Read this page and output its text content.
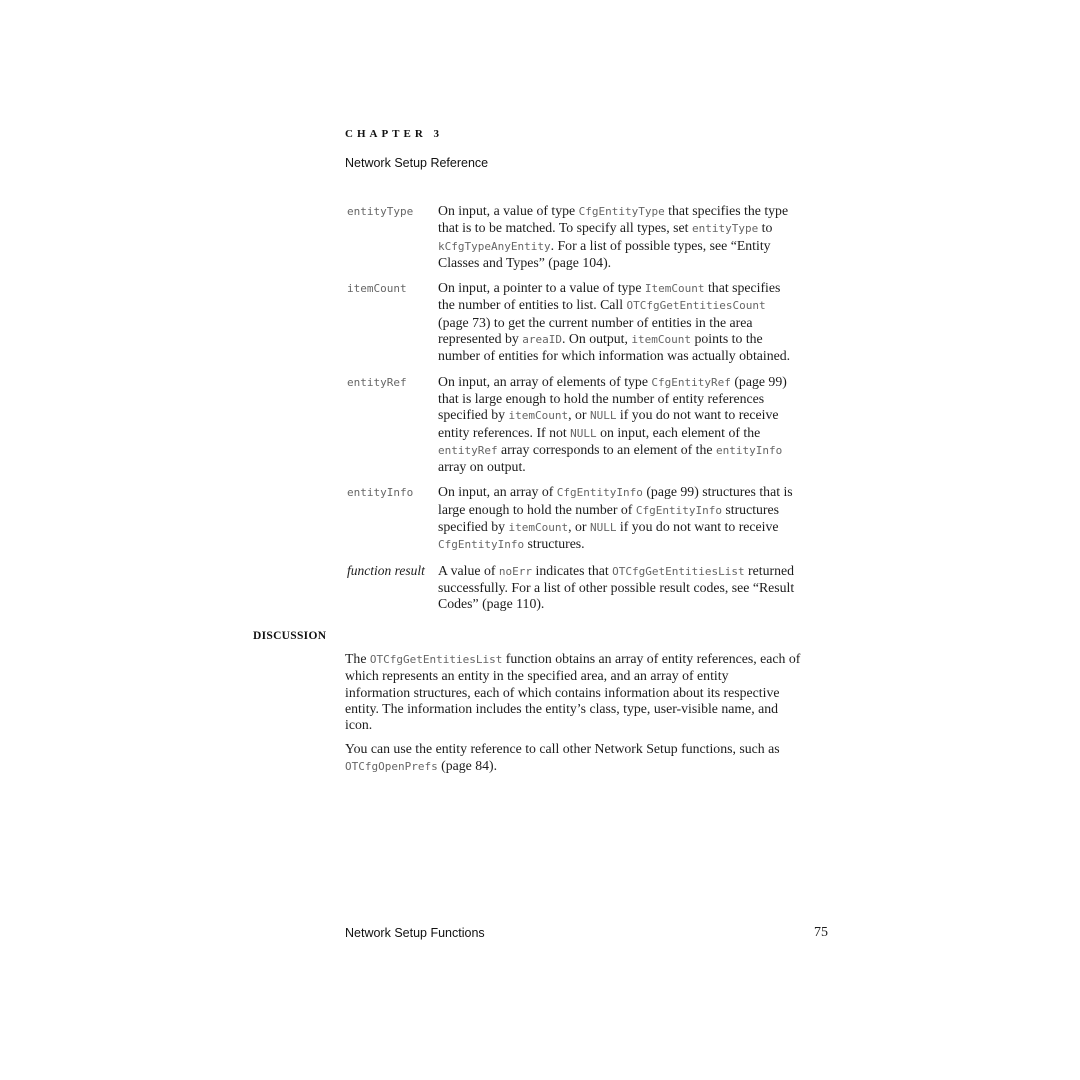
CHAPTER 3
Network Setup Reference
entityType	On input, a value of type CfgEntityType that specifies the type
that is to be matched. To specify all types, set entityType to
kCfgTypeAnyEntity. For a list of possible types, see “Entity
Classes and Types” (page 104).
itemCount	On input, a pointer to a value of type ItemCount that specifies
the number of entities to list. Call OTCfgGetEntitiesCount
(page 73) to get the current number of entities in the area
represented by areaID. On output, itemCount points to the
number of entities for which information was actually obtained.
entityRef	On input, an array of elements of type CfgEntityRef (page 99)
that is large enough to hold the number of entity references
specified by itemCount, or NULL if you do not want to receive
entity references. If not NULL on input, each element of the
entityRef array corresponds to an element of the entityInfo
array on output.
entityInfo	On input, an array of CfgEntityInfo (page 99) structures that is
large enough to hold the number of CfgEntityInfo structures
specified by itemCount, or NULL if you do not want to receive
CfgEntityInfo structures.
function result A value of noErr indicates that OTCfgGetEntitiesList returned
successfully. For a list of other possible result codes, see “Result
Codes” (page 110).
DISCUSSION

The OTCfgGetEntitiesList function obtains an array of entity references, each of
which represents an entity in the specified area, and an array of entity
information structures, each of which contains information about its respective
entity. The information includes the entity’s class, type, user-visible name, and
icon.

You can use the entity reference to call other Network Setup functions, such as
OTCfgOpenPrefs (page 84).

Network Setup Functions	75
